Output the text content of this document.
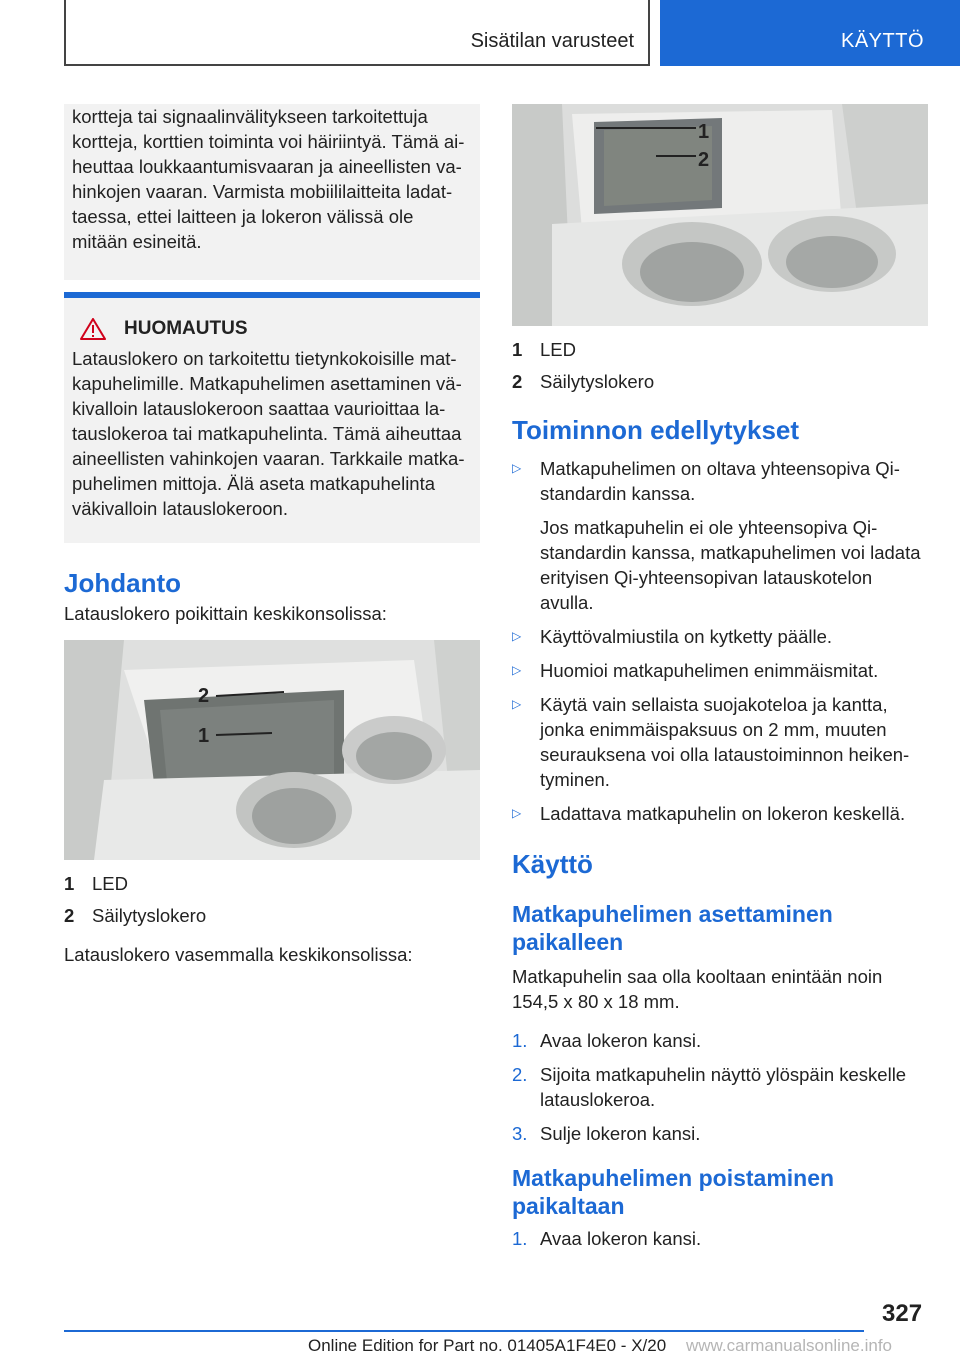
Sisätilan varusteet	KÄYTTÖ
kortteja tai signaalinvälitykseen tarkoitettuja
kortteja, korttien toiminta voi häiriintyä. Tämä ai-
heuttaa loukkaantumisvaaran ja aineellisten va-
hinkojen vaaran. Varmista mobiililaitteita ladat-
taessa, ettei laitteen ja lokeron välissä ole
mitään esineitä.
HUOMAUTUS
Latauslokero on tarkoitettu tietynkokoisille mat-
kapuhelimille. Matkapuhelimen asettaminen vä-
kivalloin latauslokeroon saattaa vaurioittaa la-
tauslokeroa tai matkapuhelinta. Tämä aiheuttaa
aineellisten vahinkojen vaaran. Tarkkaile matka-
puhelimen mittoja. Älä aseta matkapuhelinta
väkivalloin latauslokeroon.
Johdanto
Latauslokero poikittain keskikonsolissa:
2
1
1 LED
2 Säilytyslokero
Latauslokero vasemmalla keskikonsolissa:
1
2
1 LED
2 Säilytyslokero
Toiminnon edellytykset
▷	Matkapuhelimen on oltava yhteensopiva Qi-
standardin kanssa.
Jos matkapuhelin ei ole yhteensopiva Qi-
standardin kanssa, matkapuhelimen voi ladata
erityisen Qi-yhteensopivan latauskotelon
avulla.
▷	Käyttövalmiustila on kytketty päälle.
▷	Huomioi matkapuhelimen enimmäismitat.
▷	Käytä vain sellaista suojakoteloa ja kantta,
jonka enimmäispaksuus on 2 mm, muuten
seurauksena voi olla lataustoiminnon heiken-
tyminen.
▷	Ladattava matkapuhelin on lokeron keskellä.
Käyttö
Matkapuhelimen asettaminen
paikalleen
Matkapuhelin saa olla kooltaan enintään noin
154,5 x 80 x 18 mm.
1. Avaa lokeron kansi.
2. Sijoita matkapuhelin näyttö ylöspäin keskelle
latauslokeroa.
3. Sulje lokeron kansi.
Matkapuhelimen poistaminen
paikaltaan
1. Avaa lokeron kansi.
327
Online Edition for Part no. 01405A1F4E0 - X/20 www.carmanualsonline.info
